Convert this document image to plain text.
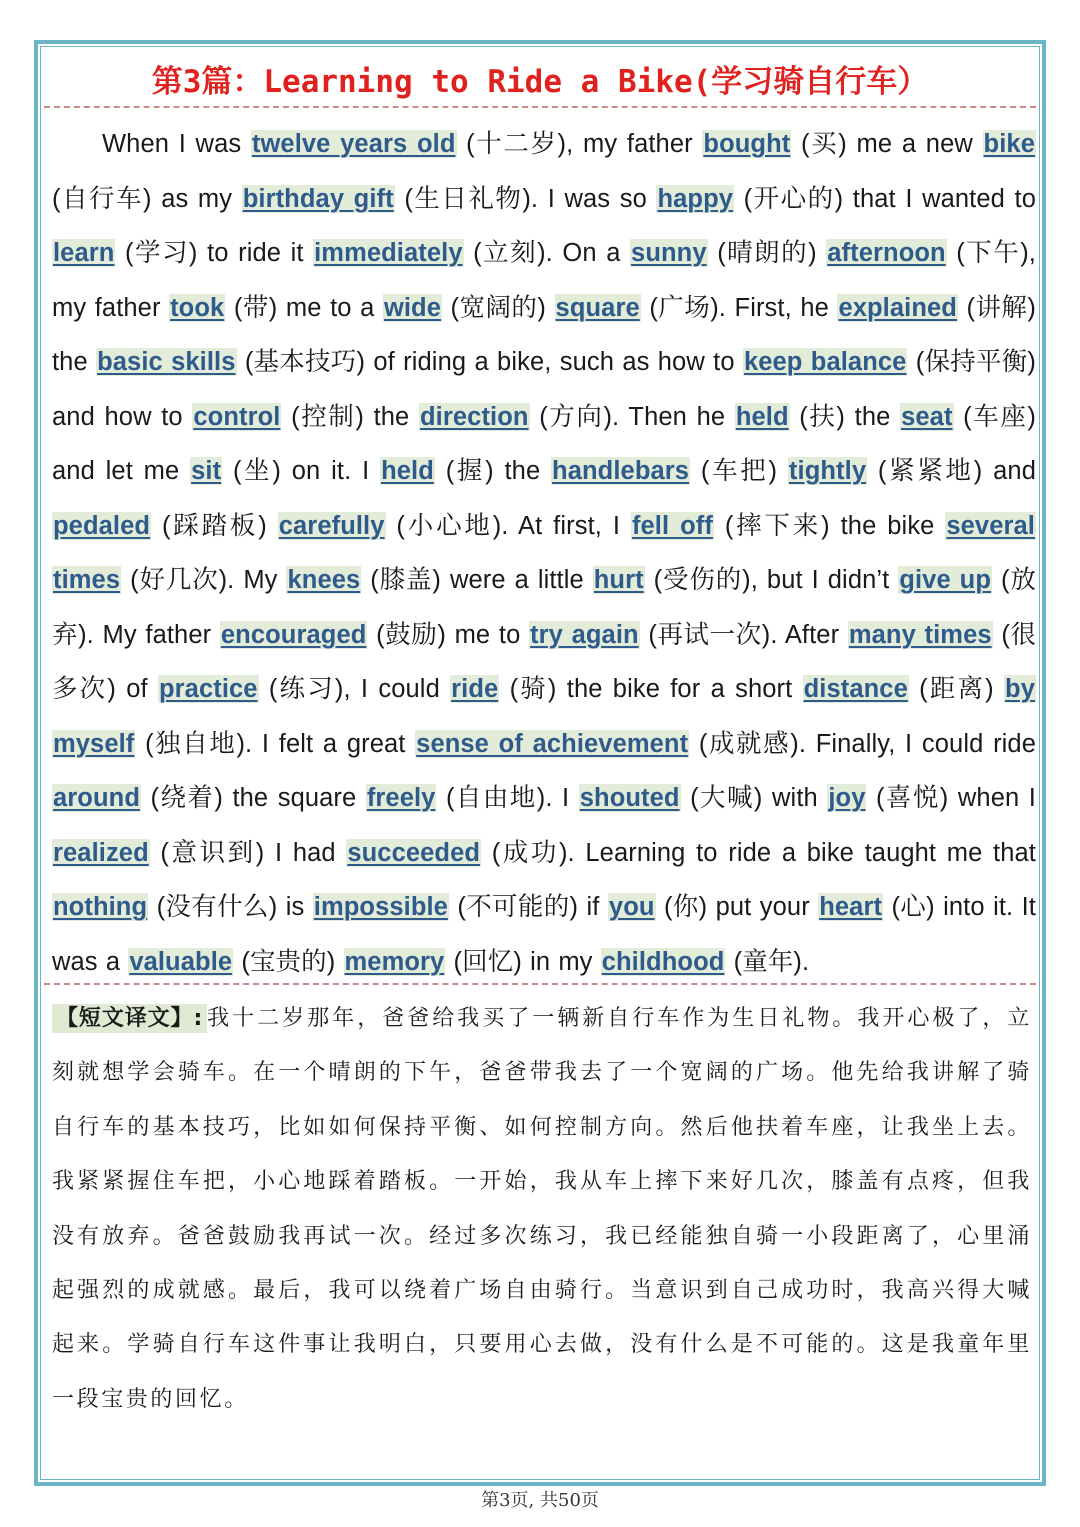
第3篇：Learning to Ride a Bike(学习骑自行车）
When I was twelve years old (十二岁), my father bought (买) me a new bike (自行车) as my birthday gift (生日礼物). I was so happy (开心的) that I wanted to learn (学习) to ride it immediately (立刻). On a sunny (晴朗的) afternoon (下午), my father took (带) me to a wide (宽阔的) square (广场). First, he explained (讲解) the basic skills (基本技巧) of riding a bike, such as how to keep balance (保持平衡) and how to control (控制) the direction (方向). Then he held (扶) the seat (车座) and let me sit (坐) on it. I held (握) the handlebars (车把) tightly (紧紧地) and pedaled (踩踏板) carefully (小心地). At first, I fell off (摔下来) the bike several times (好几次). My knees (膝盖) were a little hurt (受伤的), but I didn’t give up (放弃). My father encouraged (鼓励) me to try again (再试一次). After many times (很多次) of practice (练习), I could ride (骑) the bike for a short distance (距离) by myself (独自地). I felt a great sense of achievement (成就感). Finally, I could ride around (绕着) the square freely (自由地). I shouted (大喊) with joy (喜悦) when I realized (意识到) I had succeeded (成功). Learning to ride a bike taught me that nothing (没有什么) is impossible (不可能的) if you (你) put your heart (心) into it. It was a valuable (宝贵的) memory (回忆) in my childhood (童年).
【短文译文】: 我十二岁那年，爸爸给我买了一辆新自行车作为生日礼物。我开心极了，立刻就想学会骑车。在一个晴朗的下午，爸爸带我去了一个宽阔的广场。他先给我讲解了骑自行车的基本技巧，比如如何保持平衡、如何控制方向。然后他扶着车座，让我坐上去。我紧紧握住车把，小心地踩着踏板。一开始，我从车上摔下来好几次，膝盖有点疼，但我没有放弃。爸爸鼓励我再试一次。经过多次练习，我已经能独自骑一小段距离了，心里涌起强烈的成就感。最后，我可以绕着广场自由骑行。当意识到自己成功时，我高兴得大喊起来。学骑自行车这件事让我明白，只要用心去做，没有什么是不可能的。这是我童年里一段宝贵的回忆。
第3页, 共50页
